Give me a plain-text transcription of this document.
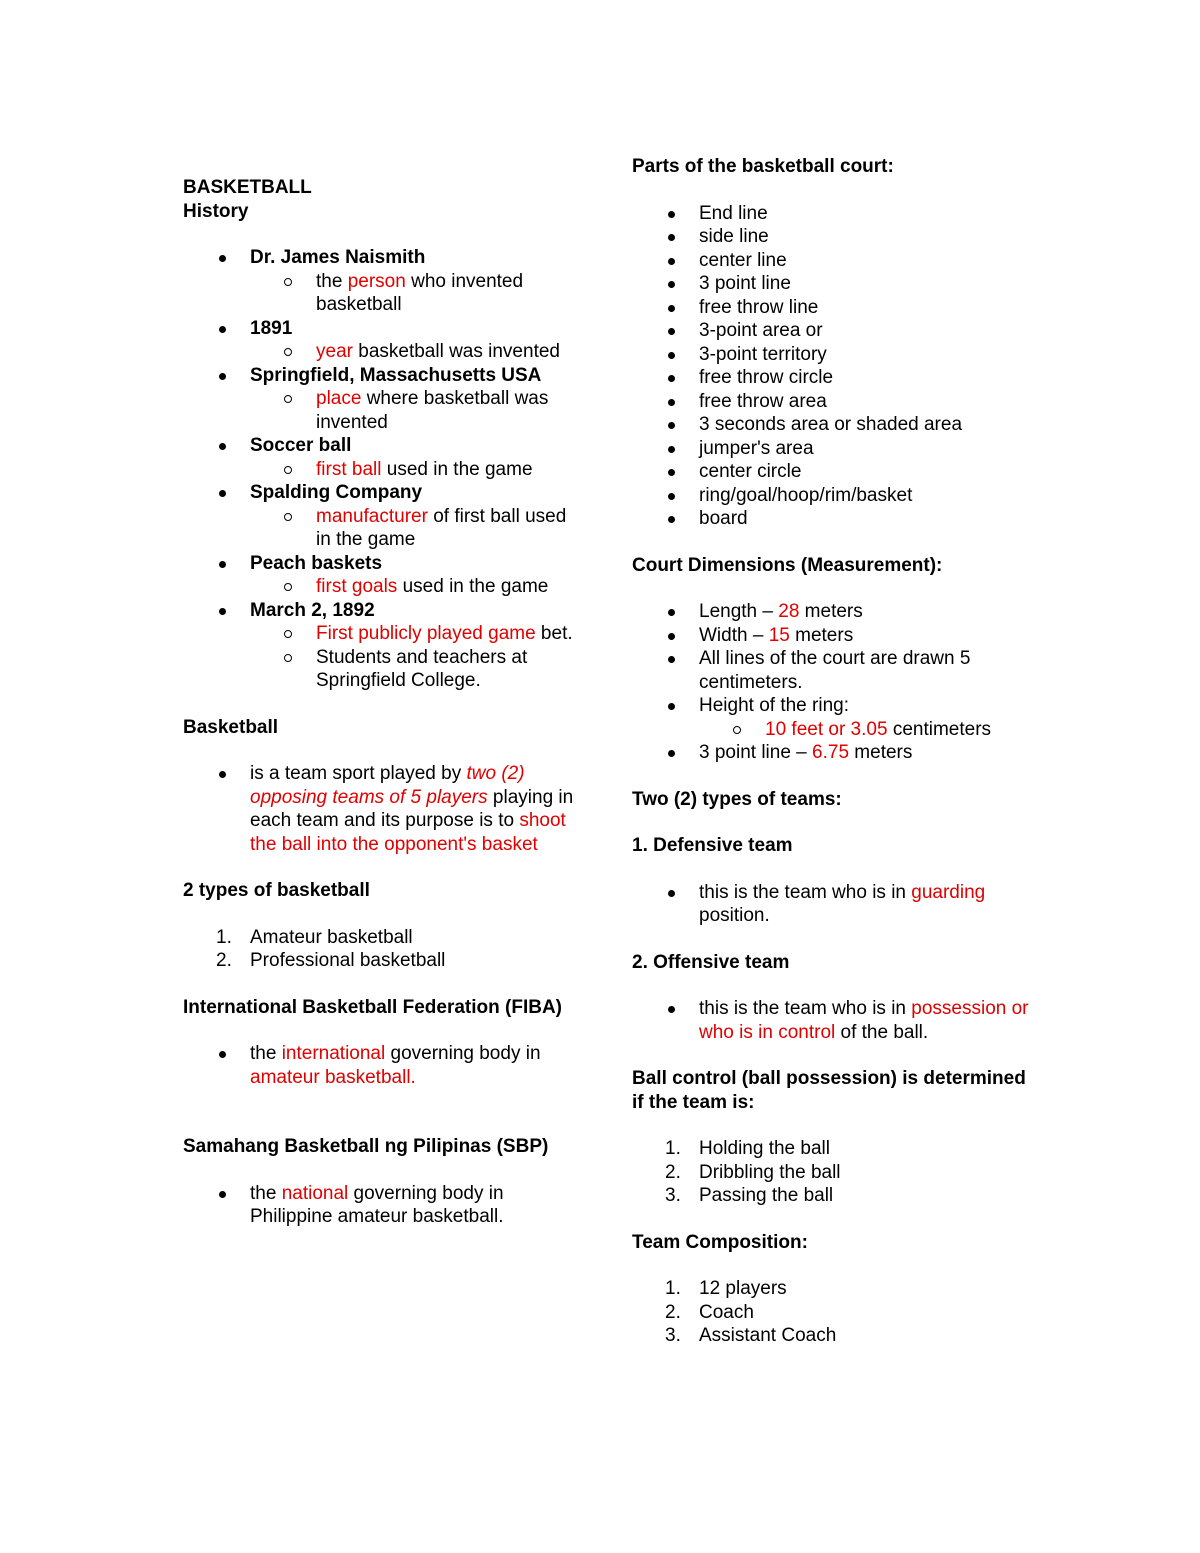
BASKETBALL
History
Dr. James Naismith
the person who invented basketball
1891
year basketball was invented
Springfield, Massachusetts USA
place where basketball was invented
Soccer ball
first ball used in the game
Spalding Company
manufacturer of first ball used in the game
Peach baskets
first goals used in the game
March 2, 1892
First publicly played game bet.
Students and teachers at Springfield College.
Basketball
is a team sport played by two (2) opposing teams of 5 players playing in each team and its purpose is to shoot the ball into the opponent's basket
2 types of basketball
1. Amateur basketball
2. Professional basketball
International Basketball Federation (FIBA)
the international governing body in amateur basketball.
Samahang Basketball ng Pilipinas (SBP)
the national governing body in Philippine amateur basketball.
Parts of the basketball court:
End line
side line
center line
3 point line
free throw line
3-point area or
3-point territory
free throw circle
free throw area
3 seconds area or shaded area
jumper's area
center circle
ring/goal/hoop/rim/basket
board
Court Dimensions (Measurement):
Length – 28 meters
Width – 15 meters
All lines of the court are drawn 5 centimeters.
Height of the ring:
10 feet or 3.05 centimeters
3 point line – 6.75 meters
Two (2) types of teams:
1. Defensive team
this is the team who is in guarding position.
2. Offensive team
this is the team who is in possession or who is in control of the ball.
Ball control (ball possession) is determined if the team is:
1. Holding the ball
2. Dribbling the ball
3. Passing the ball
Team Composition:
1. 12 players
2. Coach
3. Assistant Coach
